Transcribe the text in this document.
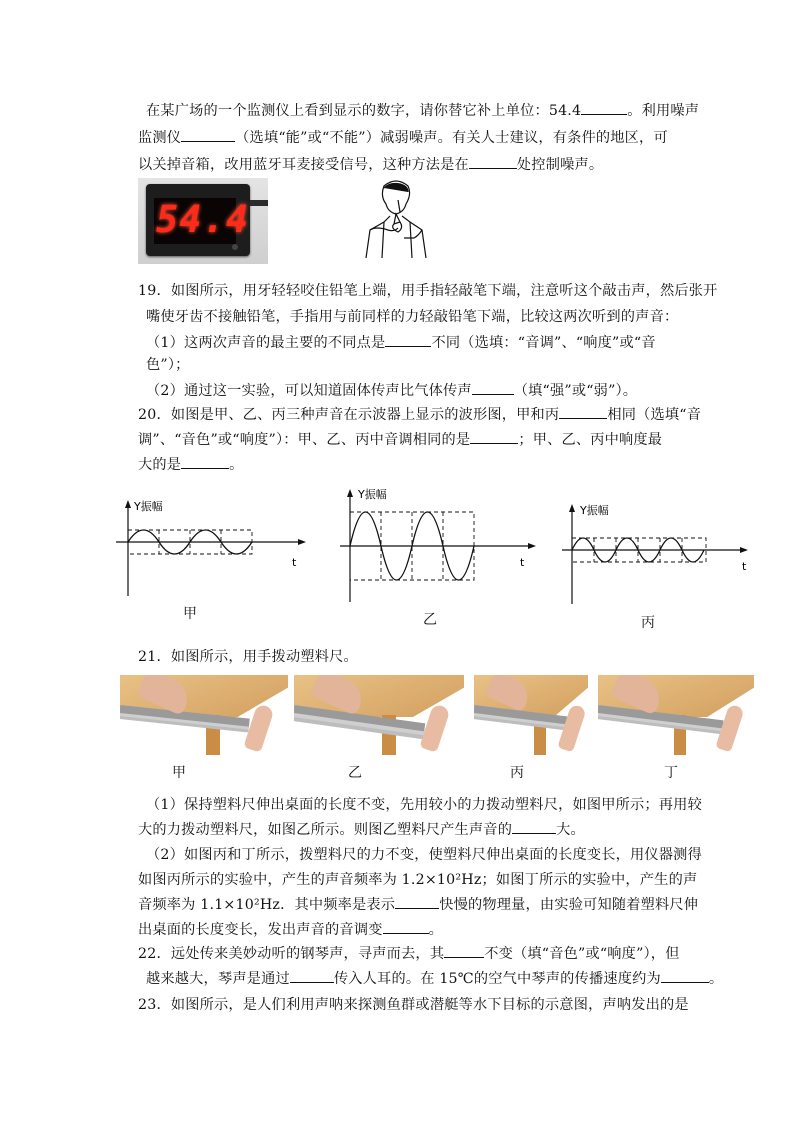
在某广场的一个监测仪上看到显示的数字，请你替它补上单位：54.4	。利用噪声
监测仪	（选填“能”或“不能”）减弱噪声。有关人士建议，有条件的地区，可
以关掉音箱，改用蓝牙耳麦接受信号，这种方法是在	处控制噪声。
54.4
19．如图所示，用牙轻轻咬住铅笔上端，用手指轻敲笔下端，注意听这个敲击声，然后张开
嘴使牙齿不接触铅笔，手指用与前同样的力轻敲铅笔下端，比较这两次听到的声音：
（1）这两次声音的最主要的不同点是	不同（选填：“音调”、“响度”或“音
色”）；
（2）通过这一实验，可以知道固体传声比气体传声	（填“强”或“弱”）。
20．如图是甲、乙、丙三种声音在示波器上显示的波形图，甲和丙	相同（选填“音
调”、“音色”或“响度”）：甲、乙、丙中音调相同的是	；甲、乙、丙中响度最
大的是	。
Y振幅
t
甲
Y振幅
t
乙
Y振幅
t
丙
21．如图所示，用手拨动塑料尺。
甲	乙	丙	丁
（1）保持塑料尺伸出桌面的长度不变，先用较小的力拨动塑料尺，如图甲所示；再用较
大的力拨动塑料尺，如图乙所示。则图乙塑料尺产生声音的	大。
（2）如图丙和丁所示，拨塑料尺的力不变，使塑料尺伸出桌面的长度变长，用仪器测得
如图丙所示的实验中，产生的声音频率为 1.2×10²Hz；如图丁所示的实验中，产生的声
音频率为 1.1×10²Hz．其中频率是表示	快慢的物理量，由实验可知随着塑料尺伸
出桌面的长度变长，发出声音的音调变	。
22．远处传来美妙动听的钢琴声，寻声而去，其	不变（填“音色”或“响度”），但
越来越大，琴声是通过	传入人耳的。在 15℃的空气中琴声的传播速度约为	。
23．如图所示，是人们利用声呐来探测鱼群或潜艇等水下目标的示意图，声呐发出的是
